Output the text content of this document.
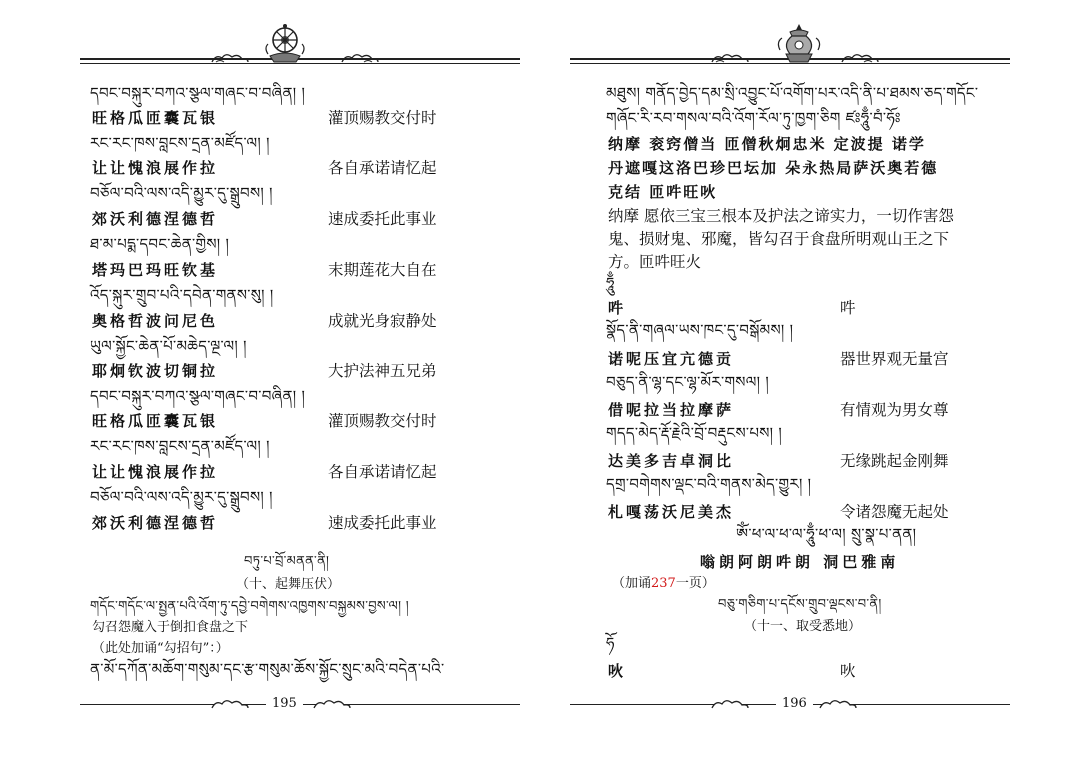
དབང་བསྐུར་བཀའ་སྩལ་གཞང་བ་བཞིན། །
旺格瓜匝囊瓦银	灌顶赐教交付时
རང་རང་ཁས་བླངས་དྲན་མཛོད་ལ། །
让让愧浪展作拉	各自承诺请忆起
བཅོལ་བའི་ལས་འདི་མྱུར་དུ་སྒྲུབས། །
郊沃利德涅德哲	速成委托此事业
ཐ་མ་པདྨ་དབང་ཆེན་གྱིས། །
塔玛巴玛旺钦基	末期莲花大自在
འོད་སྐུར་གྲུབ་པའི་དབེན་གནས་སུ། །
奥格哲波问尼色	成就光身寂静处
ཡུལ་སྐྱོང་ཆེན་པོ་མཆེད་ལྔ་ལ། །
耶炯钦波切铜拉	大护法神五兄弟
དབང་བསྐུར་བཀའ་སྩལ་གཞང་བ་བཞིན། །
旺格瓜匝囊瓦银	灌顶赐教交付时
རང་རང་ཁས་བླངས་དྲན་མཛོད་ལ། །
让让愧浪展作拉	各自承诺请忆起
བཅོལ་བའི་ལས་འདི་མྱུར་དུ་སྒྲུབས། །
郊沃利德涅德哲	速成委托此事业
བཏུ་པ་བྲོ་མནན་ནི།
（十、起舞压伏）
གདོང་གདོང་ལ་སྤྱན་པའི་འོག་ཏུ་དབྱེ་བགེགས་འཁྱགས་བསྐྱམས་བྱས་ལ། །
勾召怨魔入于倒扣食盘之下
（此处加诵“勾招句”：）
ན་མོ་དཀོན་མཆོག་གསུམ་དང་རྩ་གསུམ་ཆོས་སྐྱོང་སྲུང་མའི་བདེན་པའི་
195
མཐུས། གནོད་བྱེད་དམ་སྲི་འབྱུང་པོ་འགོག་པར་འདི་ནི་པ་ཐམས་ཅད་གདོང་
གཞོང་རི་རབ་གསལ་བའི་འོག་རོལ་ཏུ་ཁྱག་ཅིག ཛཿཧཱུྃ་བཾ་ཧོཿ
纳摩 衮窍僧当 匝僧秋炯忠米 定波提 诺学
丹遮嘎这洛巴珍巴坛加 朵永热局萨沃奥若德
克结 匝吽旺吙
纳摩 愿依三宝三根本及护法之谛实力，一切作害怨
鬼、损财鬼、邪魔，皆勾召于食盘所明观山王之下
方。匝吽旺火
ཧཱུྃ
吽	吽
སྣོད་ནི་གཞལ་ཡས་ཁང་དུ་བསྒོམས། །
诺呢压宜亢德贡	器世界观无量宫
བཅུད་ནི་ལྷ་དང་ལྷ་མོར་གསལ། །
借呢拉当拉摩萨	有情观为男女尊
གདད་མེད་རྡོ་རྗེའི་བྲོ་བརྡུངས་པས། །
达美多吉卓洞比	无缘跳起金刚舞
དགྲ་བགེགས་ལྡང་བའི་གནས་མེད་གྱུར། །
札嘎荡沃尼美杰	令诸怨魔无起处
ཨོཾ་ཕ་ལ་ཕ་ལ་ཧཱུྃ་ཕ་ལ། སྲུ་སྣ་པ་ནན།
嗡朗阿朗吽朗 洞巴雅南
（加诵237一页）
བཅུ་གཅིག་པ་དངོས་གྲུབ་ལྡངས་བ་ནི།
（十一、取受悉地）
ཧོ
吙	吙
196
